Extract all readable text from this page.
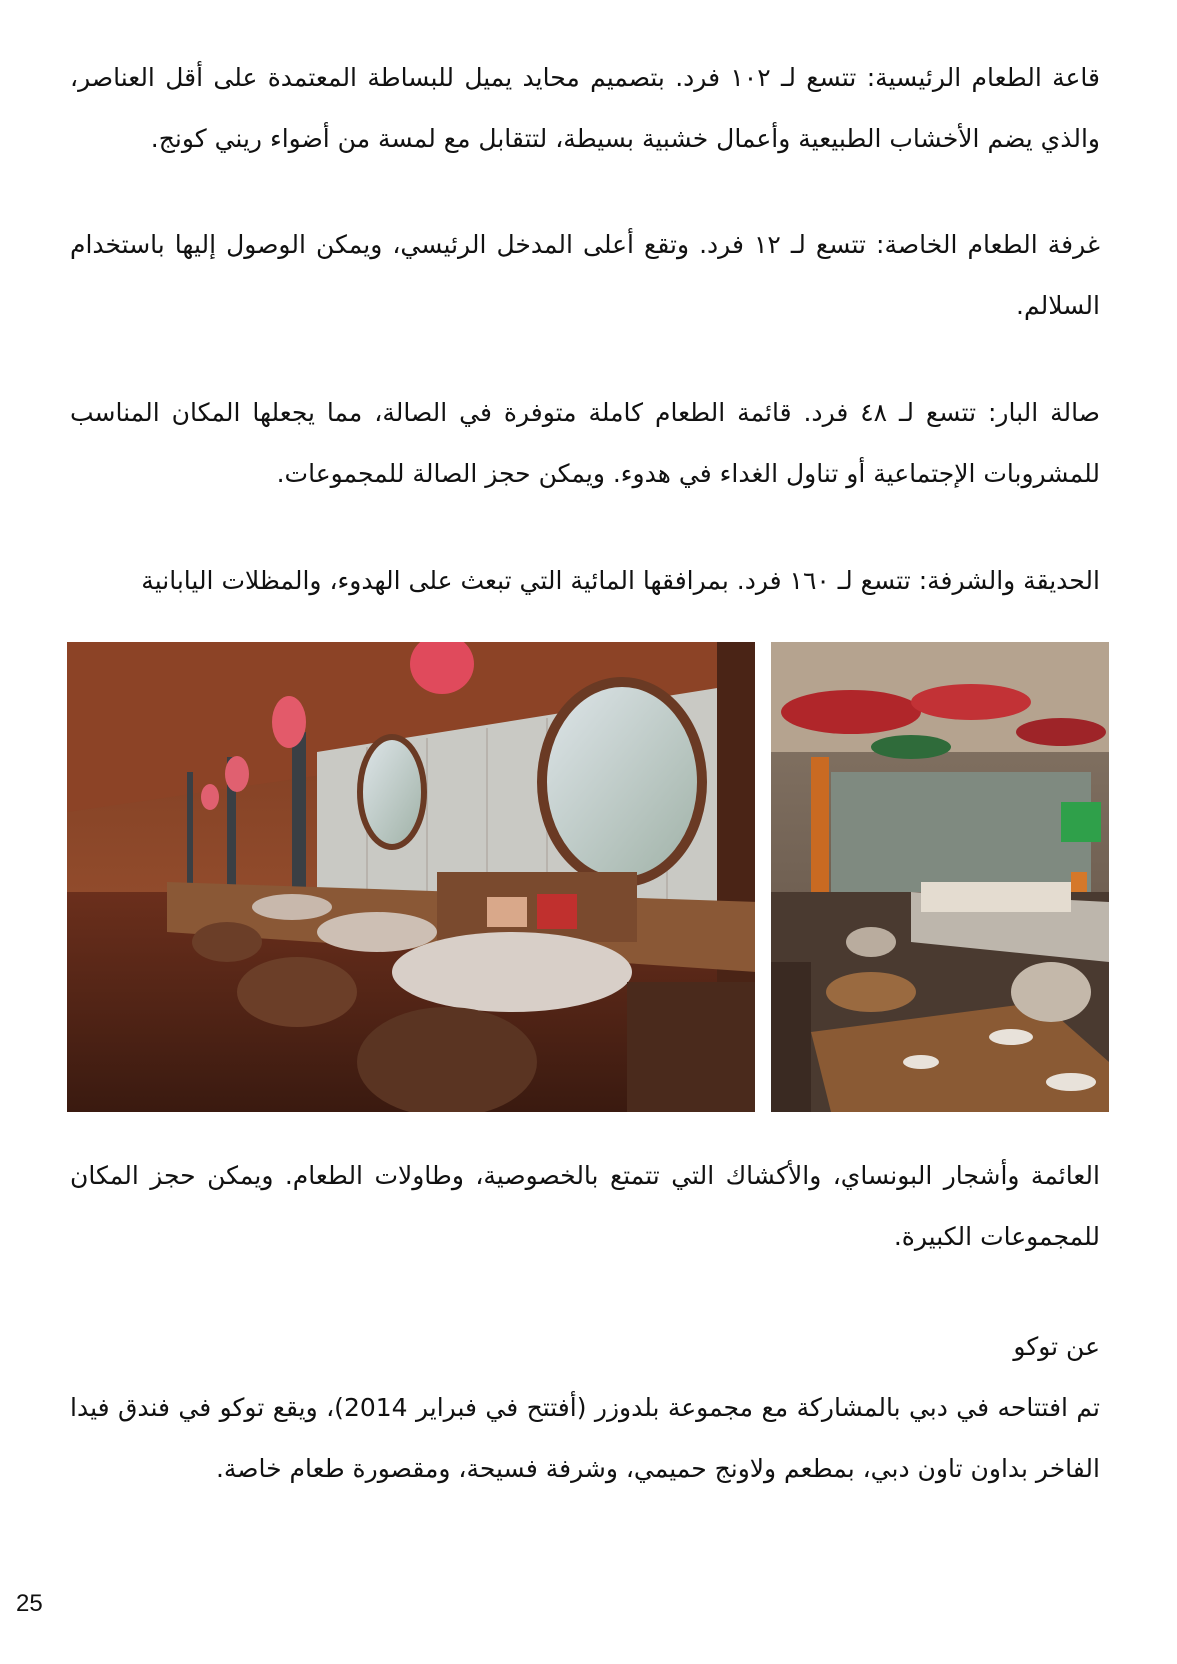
قاعة الطعام الرئيسية: تتسع لـ ١٠٢ فرد. بتصميم محايد يميل للبساطة المعتمدة على أقل العناصر، والذي يضم الأخشاب الطبيعية وأعمال خشبية بسيطة، لتتقابل مع لمسة من أضواء ريني كونج.

غرفة الطعام الخاصة: تتسع لـ ١٢ فرد. وتقع أعلى المدخل الرئيسي، ويمكن الوصول إليها باستخدام السلالم.

صالة البار: تتسع لـ ٤٨ فرد. قائمة الطعام كاملة متوفرة في الصالة، مما يجعلها المكان المناسب للمشروبات الإجتماعية أو تناول الغداء في هدوء. ويمكن حجز الصالة للمجموعات.

الحديقة والشرفة: تتسع لـ ١٦٠ فرد. بمرافقها المائية التي تبعث على الهدوء، والمظلات اليابانية

العائمة وأشجار البونساي، والأكشاك التي تتمتع بالخصوصية، وطاولات الطعام. ويمكن حجز المكان للمجموعات الكبيرة.

عن توكو

تم افتتاحه في دبي بالمشاركة مع مجموعة بلدوزر (أفتتح في فبراير 2014)، ويقع توكو في فندق فيدا الفاخر بداون تاون دبي، بمطعم ولاونج حميمي، وشرفة فسيحة، ومقصورة طعام خاصة.

25
